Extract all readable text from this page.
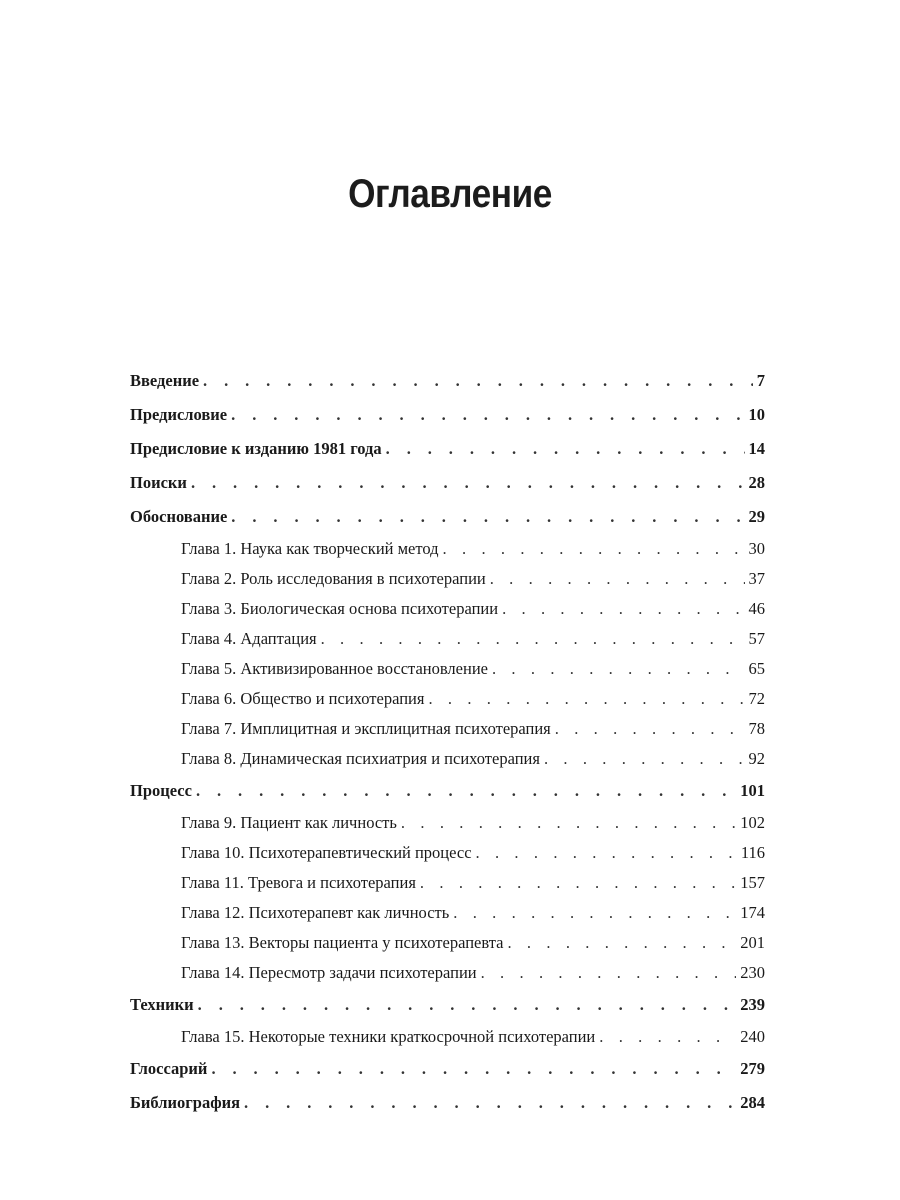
Оглавление
Введение . . .	7
Предисловие . . .	10
Предисловие к изданию 1981 года . . .	14
Поиски . . .	28
Обоснование . . .	29
Глава 1. Наука как творческий метод . . .	30
Глава 2. Роль исследования в психотерапии . . .	37
Глава 3. Биологическая основа психотерапии . . .	46
Глава 4. Адаптация . . .	57
Глава 5. Активизированное восстановление . . .	65
Глава 6. Общество и психотерапия . . .	72
Глава 7. Имплицитная и эксплицитная психотерапия . . .	78
Глава 8. Динамическая психиатрия и психотерапия . . .	92
Процесс . . .	101
Глава 9. Пациент как личность . . .	102
Глава 10. Психотерапевтический процесс . . .	116
Глава 11. Тревога и психотерапия . . .	157
Глава 12. Психотерапевт как личность . . .	174
Глава 13. Векторы пациента у психотерапевта . . .	201
Глава 14. Пересмотр задачи психотерапии . . .	230
Техники . . .	239
Глава 15. Некоторые техники краткосрочной психотерапии . . .	240
Глоссарий . . .	279
Библиография . . .	284
